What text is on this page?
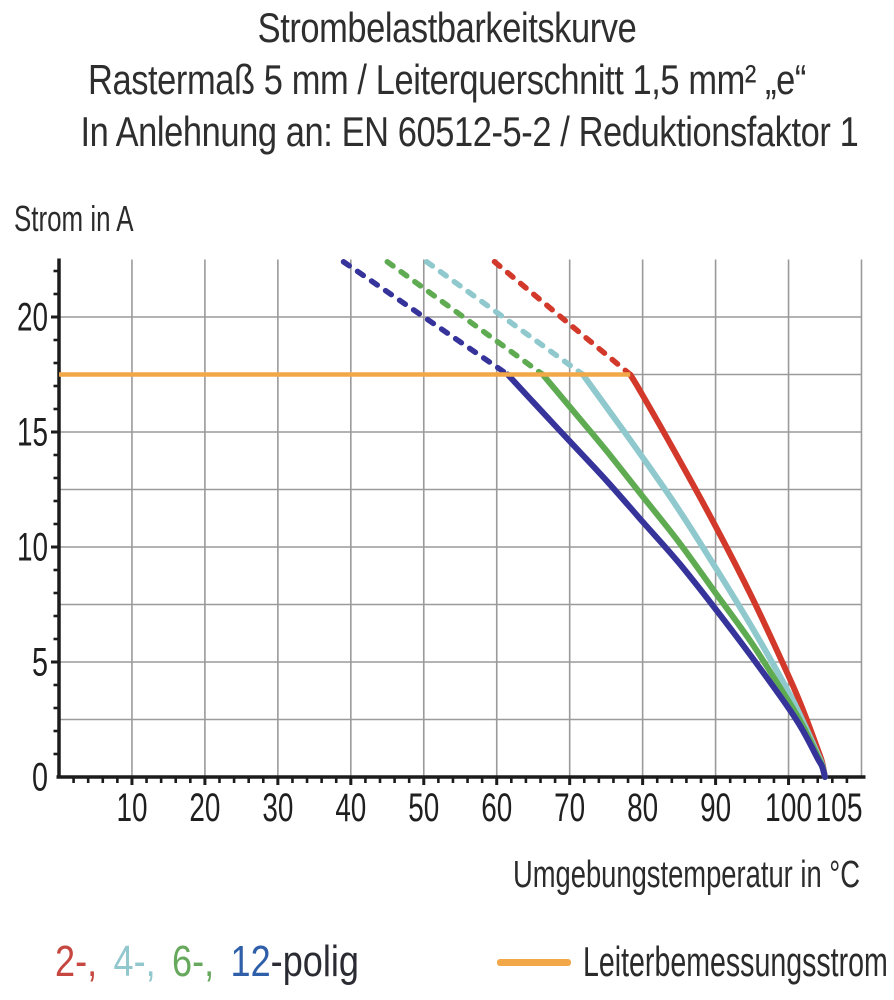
Strombelastbarkeitskurve
Rastermaß 5 mm / Leiterquerschnitt 1,5 mm² „e“
In Anlehnung an: EN 60512-5-2 / Reduktionsfaktor 1
Strom in A
10 20 30 40 50 60 70 80 90 100 105
0
5
10
15
20
Umgebungstemperatur in °C
2-, 4-, 6-, 12-polig	Leiterbemessungsstrom
